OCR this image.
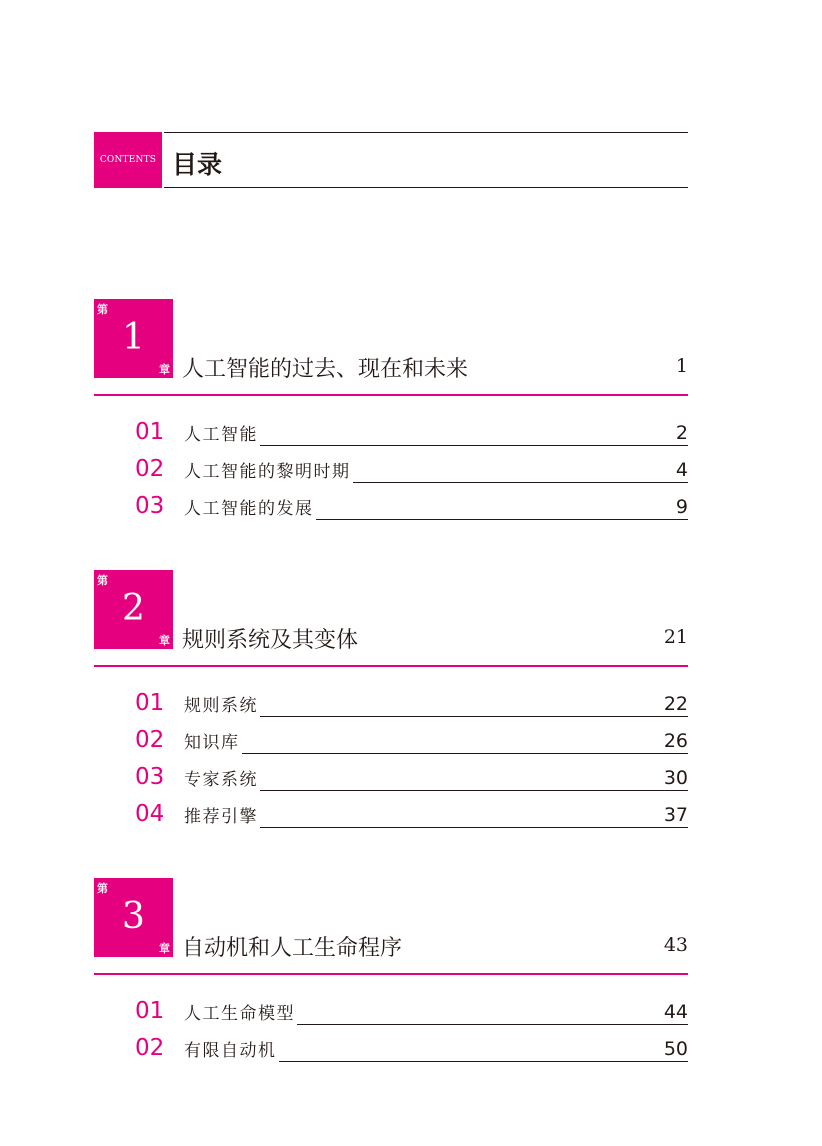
CONTENTS 目录
第
1
章 人工智能的过去、现在和未来	1
01 人工智能	2
02 人工智能的黎明时期	4
03 人工智能的发展	9
第
2
章 规则系统及其变体	21
01 规则系统	22
02 知识库	26
03 专家系统	30
04 推荐引擎	37
第
3
章 自动机和人工生命程序	43
01 人工生命模型	44
02 有限自动机	50
